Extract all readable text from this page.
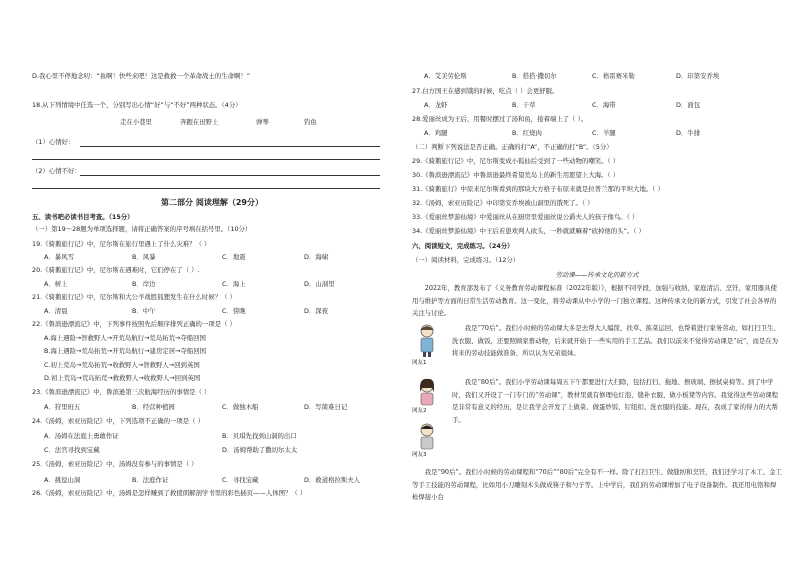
D.我心里不停地念叨：“鱼啊！快些来吧！这是救救一个革命战士的生命啊！”
18.从下列情境中任选一个，分别写出心情“好”与“不好”两种状态。（4分）
走在小巷里	奔跑在田野上	弹琴	钓鱼
（1）心情好：
（2）心情不好：
第二部分 阅读理解（29分）
五、读书吧必读书目考查。（15分）
（一）第19～28题为单项选择题，请将正确答案的序号填在括号里。（10分）
19.《骑鹅旅行记》中，尼尔斯在旅行里遇上了什么灾难？（ ）
A．暴风雪	B．风暴	C．地震	D．海啸
20.《骑鹅旅行记》中，尼尔斯在遇难时，它们停在了（ ）.
A．树上	B．岸边	C．海上	D．山洞里
21.《骑鹅旅行记》中，尼尔斯和大公羊战胜狐狸发生在什么时候？（ ）
A．清晨	B．中午	C．傍晚	D．深夜
22.《鲁滨逊漂流记》中，下列事件按照先后顺序排列正确的一项是（ ）
A.海上遇险→智救野人→开荒岛航行→荒岛拓荒→夺船回国
B.海上遇险→荒岛拓荒→开荒岛航行→建房定居→夺船回国
C.初上荒岛→荒岛拓荒→收救野人→智救野人→回到英国
D.初上荒岛→荒岛拓荒→救救野人→收救野人→回到英国
23.《鲁滨逊漂流记》中，鲁滨逊第三次航海经历的事情是（ ）
A．狩里班五	B．经营种植园	C．做独木船	D．写简难日记
24.《汤姆，索亚历险记》中，下列选项不正确的一项是（ ）
A．汤姆在法庭上勇敢作证	B．贝琪先找到山洞的出口
C．法官寻找到宝藏	D．汤姆帮助了撒切尔太太
25.《汤姆，索亚历险记》中，汤姆没有参与的事情是（ ）
A．挑逗山洞	B．法庭作证	C．寻找宝藏	D．救道格拉斯夫人
26.《汤姆，索亚历险记》中，汤姆是怎样赚到了救援朗解剖学书里的彩色插页——人体图？（ ）
A．艾美劳伦斯	B．搭搭·撒切尔	C．格雷赛米勒	D．印第安乔埃
27.白方国王在感到饿的时候，吃点（ ）会更舒服。
A．龙虾	B．干草	C．海带	D．面包
28.爱丽丝成为王后，用餐时摆过了汤和鱼，接着端上了（ ）。
A．鸡腿	B．红烧肉	C．羊腿	D．牛排
（二）判断下列说法是否正确。正确的打“A”，不正确的打“B”。（5分）
29.《骑鹅旅行记》中，尼尔斯变成小狐仙后受到了一些动物的嘲笑。（ ）
30.《鲁滨逊漂流记》中鲁滨逊最终希望荒岛上的新生用愿望上大海。（ ）
31.《骑鹅旅行》中原来尼尔斯看到的那块大方格子布原来就是拉普兰那的平坦大地。（ ）
32.《汤姆，索亚历险记》中印第安乔埃被山洞里的饿死了。（ ）
33.《爱丽丝梦游仙境》中爱丽丝从在厨房里爱丽丝说公爵夫人的孩子像鸟。（ ）
34.《爱丽丝梦游仙境》中王后若愚欢判人砍头，一秒就就嘛着“砍掉他的头”。（ ）
六、阅读短文，完成练习。（24分）
（一）阅读材料，完成练习。（12分）
劳动课——传承文化的新方式
2022年，教育部发布了《义务教育劳动课程标准（2022年版）》，根据不同学段，加强与收纳、家庭清洁、烹饪、家用器具使用与维护等方面的日常生活劳动教育。这一变化，将劳动课从中小学的一门独立课程。这种传承文化的新方式，引发了社会各界的关注与讨论。
网友1
我是“70后”。我们小时候的劳动课大多是去帮大人编筐、扶草、拣菜运回，也帮着进行家务劳动，如打扫卫生、洗衣服、做饭，还要照顾家畜动物，后来就开始于一些实用的手工艺品。我们以前来不觉得劳动课是“玩”，而是在为将来的劳动技能做准备，所以认为兄弟姐妹。
网友2
我是“80后”。我们小学劳动课每周五下午都要进行大扫除，包括打扫、拖地、擦玻璃、擦拭桌椅等。到了中学时，我们又开设了一门专门的“劳动课”，教材里就有修理电灯泡、缝补衣服、做小板凳等内容。我觉得这些劳动课程是非常有意义的经历，是让我学会开发了上做菜、做蛋炒饭、钉纽扣、洗衣服的技能。现在，我成了家的得力的大帮手。
网友3
我是“90后”。我们小时候的劳动课程和“70后”“80后”完全有不一样。除了打扫卫生、做缝纫和烹饪，我们还学习了木工、金工等手工技能的劳动课程，比如用小刀雕刻木头做成筷子和勺子等。上中学后，我们的劳动课增加了电子设备制作。我还用电铬和焊枪焊接小台
